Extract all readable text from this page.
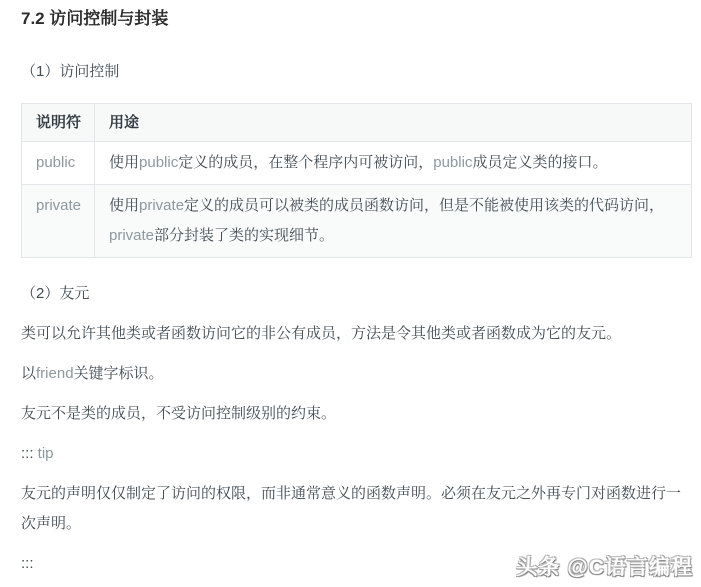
7.2 访问控制与封装

（1）访问控制

说明符	用途
public	使用public定义的成员，在整个程序内可被访问，public成员定义类的接口。
private	使用private定义的成员可以被类的成员函数访问，但是不能被使用该类的代码访问，private部分封装了类的实现细节。

（2）友元

类可以允许其他类或者函数访问它的非公有成员，方法是令其他类或者函数成为它的友元。

以friend关键字标识。

友元不是类的成员，不受访问控制级别的约束。

::: tip

友元的声明仅仅制定了访问的权限，而非通常意义的函数声明。必须在友元之外再专门对函数进行一次声明。

:::	头条 @C语言编程
